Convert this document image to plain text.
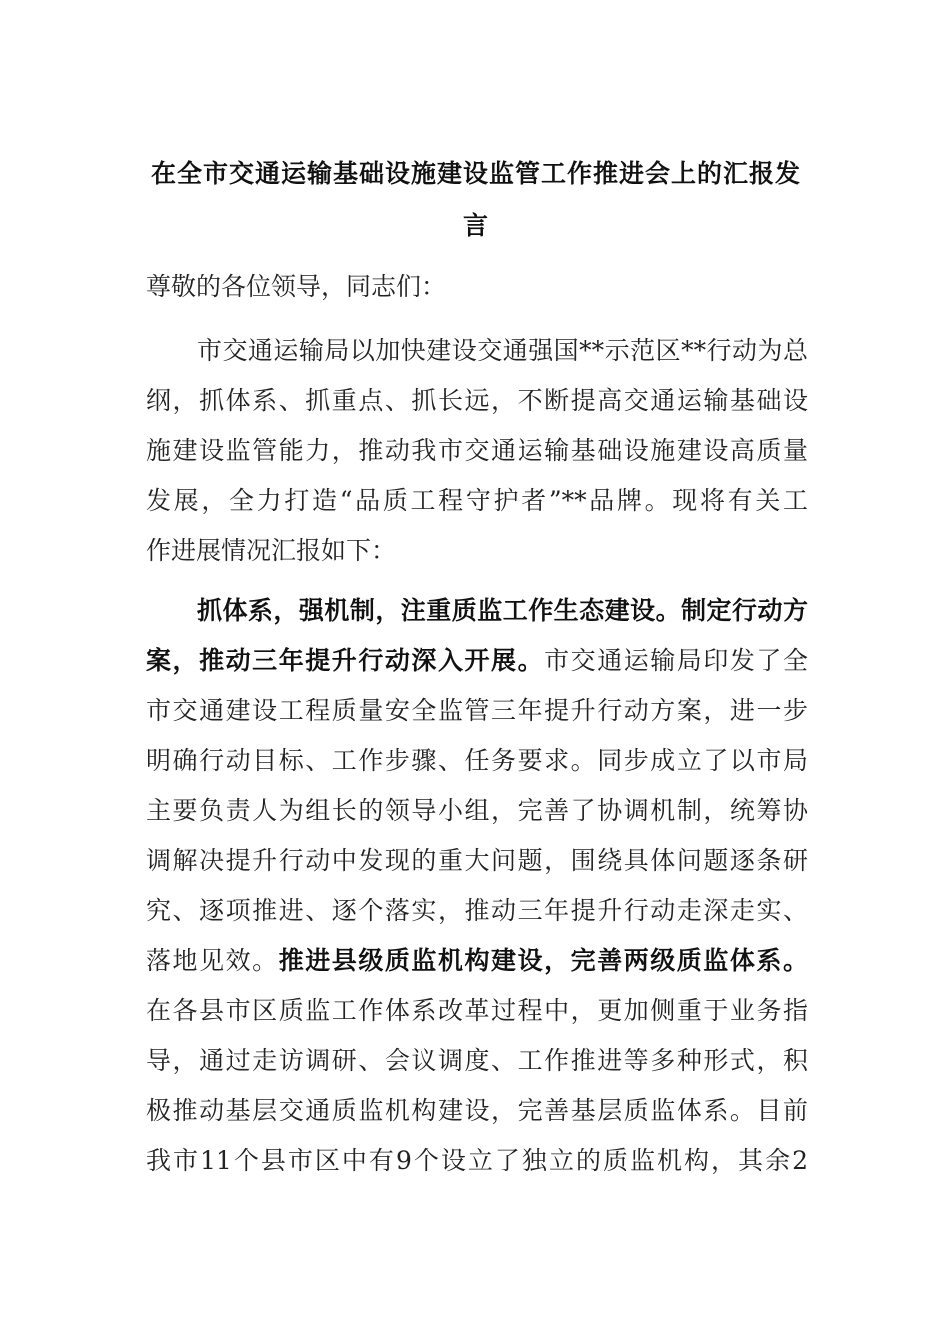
在全市交通运输基础设施建设监管工作推进会上的汇报发
言
尊敬的各位领导，同志们：
　　市交通运输局以加快建设交通强国**示范区**行动为总
纲，抓体系、抓重点、抓长远，不断提高交通运输基础设
施建设监管能力，推动我市交通运输基础设施建设高质量
发展，全力打造“品质工程守护者”**品牌。现将有关工
作进展情况汇报如下：
　　抓体系，强机制，注重质监工作生态建设。制定行动方
案，推动三年提升行动深入开展。市交通运输局印发了全
市交通建设工程质量安全监管三年提升行动方案，进一步
明确行动目标、工作步骤、任务要求。同步成立了以市局
主要负责人为组长的领导小组，完善了协调机制，统筹协
调解决提升行动中发现的重大问题，围绕具体问题逐条研
究、逐项推进、逐个落实，推动三年提升行动走深走实、
落地见效。推进县级质监机构建设，完善两级质监体系。
在各县市区质监工作体系改革过程中，更加侧重于业务指
导，通过走访调研、会议调度、工作推进等多种形式，积
极推动基层交通质监机构建设，完善基层质监体系。目前
我市11个县市区中有9个设立了独立的质监机构，其余2
